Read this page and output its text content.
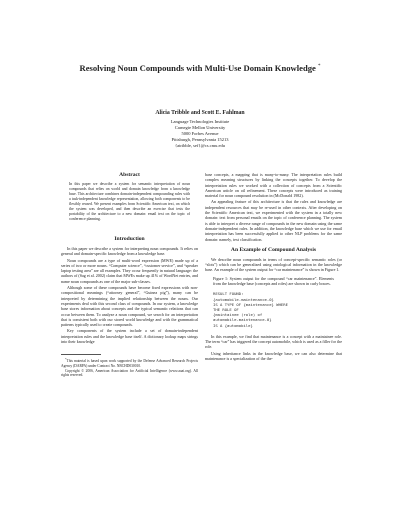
Resolving Noun Compounds with Multi-Use Domain Knowledge *
Alicia Tribble and Scott E. Fahlman
Language Technologies Institute
Carnegie Mellon University
5000 Forbes Avenue
Pittsburgh, Pennsylvania 15213
{atribble, sef}@cs.cmu.edu
Abstract
In this paper we describe a system for semantic interpretation of noun compounds that relies on world and domain knowledge from a knowledge base. This architecture combines domain-independent compounding rules with a task-independent knowledge representation, allowing both components to be flexibly reused. We present examples from Scientific American text, on which the system was developed, and then describe an exercise that tests the portability of the architecture to a new domain: email text on the topic of conference planning.
Introduction

In this paper we describe a system for interpreting noun compounds. It relies on general and domain-specific knowledge from a knowledge base.

Noun compounds are a type of multi-word expression (MWE) made up of a series of two or more nouns. “Computer science”, “customer service”, and “speaker laptop testing area” are all examples. They occur frequently in natural language: the authors of (Sag et al. 2002) claim that MWEs make up 41% of WordNet entries, and name noun compounds as one of the major sub-classes.

Although some of these compounds have become fixed expressions with non-compositional meanings (“attorney general”, “Guinea pig”), many can be interpreted by determining the implied relationship between the nouns. Our experiments deal with this second class of compounds. In our system, a knowledge base stores information about concepts and the typical semantic relations that can occur between them. To analyze a noun compound, we search for an interpretation that is consistent both with our stored world knowledge and with the grammatical patterns typically used to create compounds.

Key components of the system include a set of domain-independent interpretation rules and the knowledge base itself. A dictionary lookup maps strings into their knowledge

*This material is based upon work supported by the Defense Advanced Research Projects Agency (DARPA) under Contract No. NBCHD030010.

Copyright © 2006, American Association for Artificial Intelligence (www.aaai.org). All rights reserved.

base concepts, a mapping that is many-to-many. The interpretation rules build complex meaning structures by linking the concepts together. To develop the interpretation rules we worked with a collection of concepts from a Scientific American article on oil refinement. These concepts were introduced as training material for noun compound resolution in (McDonald 1982).

An appealing feature of this architecture is that the rules and knowledge are independent resources that may be re-used in other contexts. After developing on the Scientific American text, we experimented with the system in a totally new domain: text from personal emails on the topic of conference planning. The system is able to interpret a diverse range of compounds in the new domain using the same domain-independent rules. In addition, the knowledge base which we use for email interpretation has been successfully applied to other NLP problems for the same domain: namely, text classification.

An Example of Compound Analysis

We describe noun compounds in terms of concept-specific semantic roles (or “slots”) which can be generalized using ontological information in the knowledge base. An example of the system output for “car maintenance” is shown in Figure 1.

Figure 1: System output for the compound “car maintenance”. Elements from the knowledge base (concepts and roles) are shown in curly braces.

RESULT FOUND:
{automobile-maintenance-0}
IS A TYPE OF {maintenance} WHERE
THE ROLE OF
{maintainee (role) of
automobile-maintenance-0}
IS A {automobile}

In this example, we find that maintenance is a concept with a maintainee role. The term “car” has triggered the concept automobile, which is used as a filler for the role.

Using inheritance links in the knowledge base, we can also determine that maintenance is a specialization of the the-
